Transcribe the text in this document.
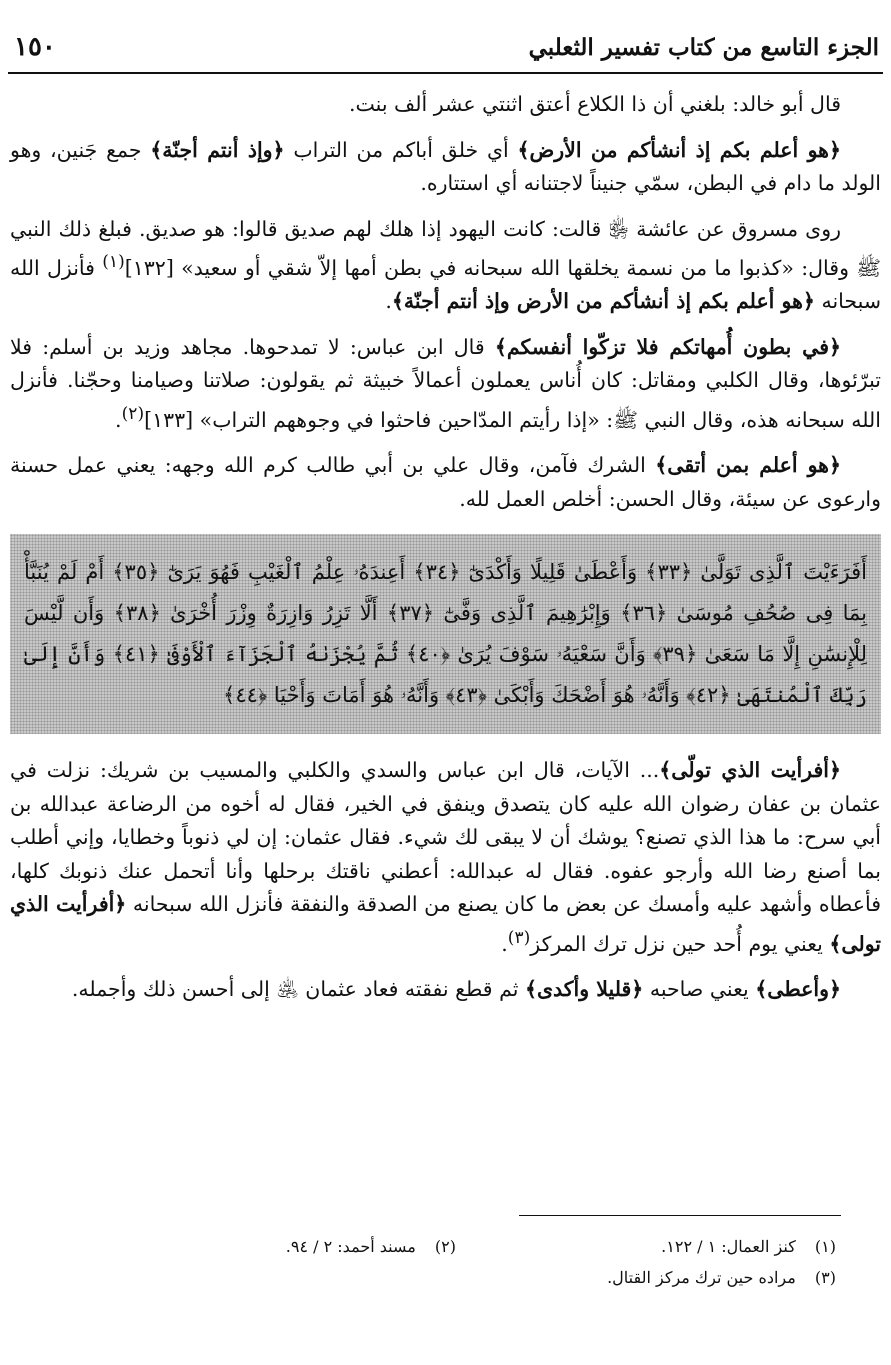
الجزء التاسع من كتاب تفسير الثعلبي
١٥٠

قال أبو خالد: بلغني أن ذا الكلاع أعتق اثنتي عشر ألف بنت.

﴿هو أعلم بكم إذ أنشأكم من الأرض﴾ أي خلق أباكم من التراب ﴿وإذ أنتم أجنّة﴾ جمع جَنين، وهو الولد ما دام في البطن، سمّي جنيناً لاجتنانه أي استتاره.

روى مسروق عن عائشة ﵂ قالت: كانت اليهود إذا هلك لهم صديق قالوا: هو صديق. فبلغ ذلك النبي ﷺ وقال: «كذبوا ما من نسمة يخلقها الله سبحانه في بطن أمها إلاّ شقي أو سعيد» [١٣٢]$^{(١)}$ فأنزل الله سبحانه ﴿هو أعلم بكم إذ أنشأكم من الأرض وإذ أنتم أجنّة﴾.

﴿في بطون أُمهاتكم فلا تزكّوا أنفسكم﴾ قال ابن عباس: لا تمدحوها. مجاهد وزيد بن أسلم: فلا تبرّئوها، وقال الكلبي ومقاتل: كان أُناس يعملون أعمالاً خبيثة ثم يقولون: صلاتنا وصيامنا وحجّنا. فأنزل الله سبحانه هذه، وقال النبي ﷺ: «إذا رأيتم المدّاحين فاحثوا في وجوههم التراب» [١٣٣]$^{(٢)}$.

﴿هو أعلم بمن أتقى﴾ الشرك فآمن، وقال علي بن أبي طالب كرم الله وجهه: يعني عمل حسنة وارعوى عن سيئة، وقال الحسن: أخلص العمل لله.

أَفَرَءَيْتَ ٱلَّذِى تَوَلَّىٰ ﴿٣٣﴾ وَأَعْطَىٰ قَلِيلًا وَأَكْدَىٰٓ ﴿٣٤﴾ أَعِندَهُۥ عِلْمُ ٱلْغَيْبِ فَهُوَ يَرَىٰٓ ﴿٣٥﴾ أَمْ لَمْ يُنَبَّأْ بِمَا فِى صُحُفِ مُوسَىٰ ﴿٣٦﴾ وَإِبْرَٰهِيمَ ٱلَّذِى وَفَّىٰٓ ﴿٣٧﴾ أَلَّا تَزِرُ وَازِرَةٌ وِزْرَ أُخْرَىٰ ﴿٣٨﴾ وَأَن لَّيْسَ لِلْإِنسَٰنِ إِلَّا مَا سَعَىٰ ﴿٣٩﴾ وَأَنَّ سَعْيَهُۥ سَوْفَ يُرَىٰ ﴿٤٠﴾ ثُمَّ يُجْزَىٰهُ ٱلْجَزَآءَ ٱلْأَوْفَىٰ ﴿٤١﴾ وَأَنَّ إِلَىٰ رَبِّكَ ٱلْمُنتَهَىٰ ﴿٤٢﴾ وَأَنَّهُۥ هُوَ أَضْحَكَ وَأَبْكَىٰ ﴿٤٣﴾ وَأَنَّهُۥ هُوَ أَمَاتَ وَأَحْيَا ﴿٤٤﴾

﴿أفرأيت الذي تولّى﴾... الآيات، قال ابن عباس والسدي والكلبي والمسيب بن شريك: نزلت في عثمان بن عفان رضوان الله عليه كان يتصدق وينفق في الخير، فقال له أخوه من الرضاعة عبدالله بن أبي سرح: ما هذا الذي تصنع؟ يوشك أن لا يبقى لك شيء. فقال عثمان: إن لي ذنوباً وخطايا، وإني أطلب بما أصنع رضا الله وأرجو عفوه. فقال له عبدالله: أعطني ناقتك برحلها وأنا أتحمل عنك ذنوبك كلها، فأعطاه وأشهد عليه وأمسك عن بعض ما كان يصنع من الصدقة والنفقة فأنزل الله سبحانه ﴿أفرأيت الذي تولى﴾ يعني يوم أُحد حين نزل ترك المركز$^{(٣)}$.

﴿وأعطى﴾ يعني صاحبه ﴿قليلا وأكدى﴾ ثم قطع نفقته فعاد عثمان ﵁ إلى أحسن ذلك وأجمله.

(١) كنز العمال: ١ / ١٢٢.
(٢) مسند أحمد: ٢ / ٩٤.
(٣) مراده حين ترك مركز القتال.
